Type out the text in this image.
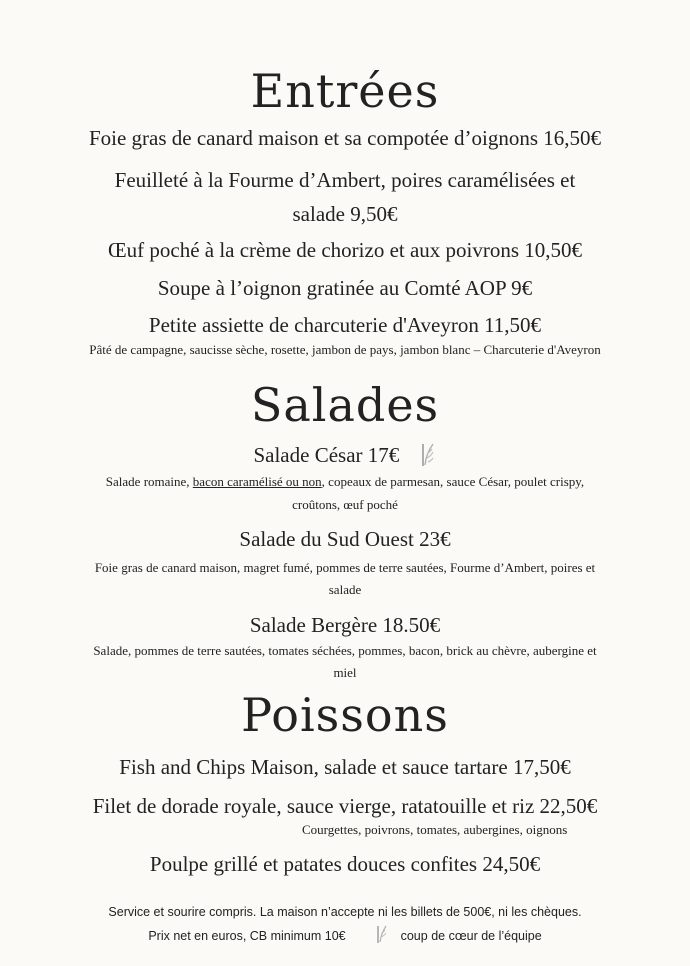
Entrées
Foie gras de canard maison et sa compotée d’oignons 16,50€
Feuilleté à la Fourme d’Ambert, poires caramélisées et
salade 9,50€
Œuf poché à la crème de chorizo et aux poivrons 10,50€
Soupe à l’oignon gratinée au Comté AOP 9€
Petite assiette de charcuterie d'Aveyron 11,50€
Pâté de campagne, saucisse sèche, rosette, jambon de pays, jambon blanc – Charcuterie d'Aveyron
Salades
Salade César 17€
Salade romaine, bacon caramélisé ou non, copeaux de parmesan, sauce César, poulet crispy,
croûtons, œuf poché
Salade du Sud Ouest 23€
Foie gras de canard maison, magret fumé, pommes de terre sautées, Fourme d’Ambert, poires et
salade
Salade Bergère 18.50€
Salade, pommes de terre sautées, tomates séchées, pommes, bacon, brick au chèvre, aubergine et
miel
Poissons
Fish and Chips Maison, salade et sauce tartare 17,50€
Filet de dorade royale, sauce vierge, ratatouille et riz 22,50€
Courgettes, poivrons, tomates, aubergines, oignons
Poulpe grillé et patates douces confites 24,50€
Service et sourire compris. La maison n’accepte ni les billets de 500€, ni les chèques.
Prix net en euros, CB minimum 10€	coup de cœur de l’équipe
